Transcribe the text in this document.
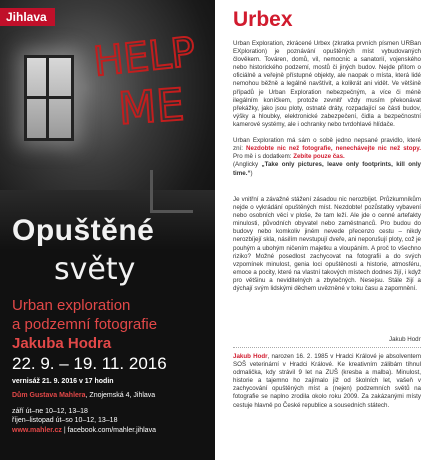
HELP
ME
Jihlava
Opuštěné
světy
Urban exploration
a podzemní fotografie
Jakuba Hodra
22. 9. – 19. 11. 2016
vernisáž 21. 9. 2016 v 17 hodin
Dům Gustava Mahlera, Znojemská 4, Jihlava
září út–ne 10–12, 13–18
říjen–listopad út–so 10–12, 13–18
www.mahler.cz | facebook.com/mahler.jihlava
Urbex
Urban Exploration, zkrácené Urbex (zkratka prvních písmen URBan EXploration) je poznávání opuštěných míst vybudovaných člověkem. Továren, domů, vil, nemocnic a sanatorií, vojenského nebo historického podzemí, mostů či jiných budov. Nejde přitom o oficiálně a veřejně přístupné objekty, ale naopak o místa, která lidé nemohou běžně a legálně navštívit, a kolikrát ani vidět. Ve většině případů je Urban Exploration nebezpečným, a více či méně ilegálním koníčkem, protože zevnitř vždy musím překonávat překážky, jako jsou ploty, ostnaté dráty, rozpadající se části budov, výšky a hloubky, elektronické zabezpečení, čidla a bezpečnostní kamerové systémy, ale i ochranky nebo tvrdohlavé hlídače.

Urban Exploration má sám o sobě jedno nepsané pravidlo, které zní: Nezdobte nic než fotografie, nenechávejte nic než stopy. Pro mě i s dodatkem: Zebíte pouze čas.
(Anglicky „Take only pictures, leave only footprints, kill only time.“)
Je vnitřní a závažné stážení zásadou nic nerozbíjet. Průzkumníkům nejde o vykrádání opuštěných míst. Nezdobte! pozůstatky vybavení nebo osobních věcí v ploše, že tam leží. Ale jde o cenné artefakty minulosti, původních obyvatel nebo zaměstnanců. Pro budou do budovy nebo komkoliv jiném nevede přecenzo cestu – nikdy nerozbíjejí skla, násilím nevstupují dveře, ani neporušují ploty, což je pouhým a ubohým ničením majetku a vloupáním. A proč to všechno riziko? Možné posedlost zachycovat na fotografii a do svých vzpomínek minulost, genia loci opuštěnosti a historie, atmosféru, emoce a pocity, které na vlastní takových místech dodnes žijí, i když pro většinu a neviditelných a zbytečných. Nesejsu. Stále žijí a dýchají svým lidskými děchem uvězněné v toku času a zapomnění.
Jakub Hodr
Jakub Hodr, narozen 16. 2. 1985 v Hradci Králové je absolventem SOŠ veterinární v Hradci Králové. Ke kreativním zálibám tíhnul odmalička, kdy strávil 9 let na ZUŠ (kresba a malba). Minulost, historie a tajemno ho zajímalo již od školních let, vašeň v zachycování opuštěných míst a (nejen) podzemních světů na fotografie se naplno zrodila okolo roku 2009. Za zakázanými místy cestuje hlavně po České republice a sousedních státech.
